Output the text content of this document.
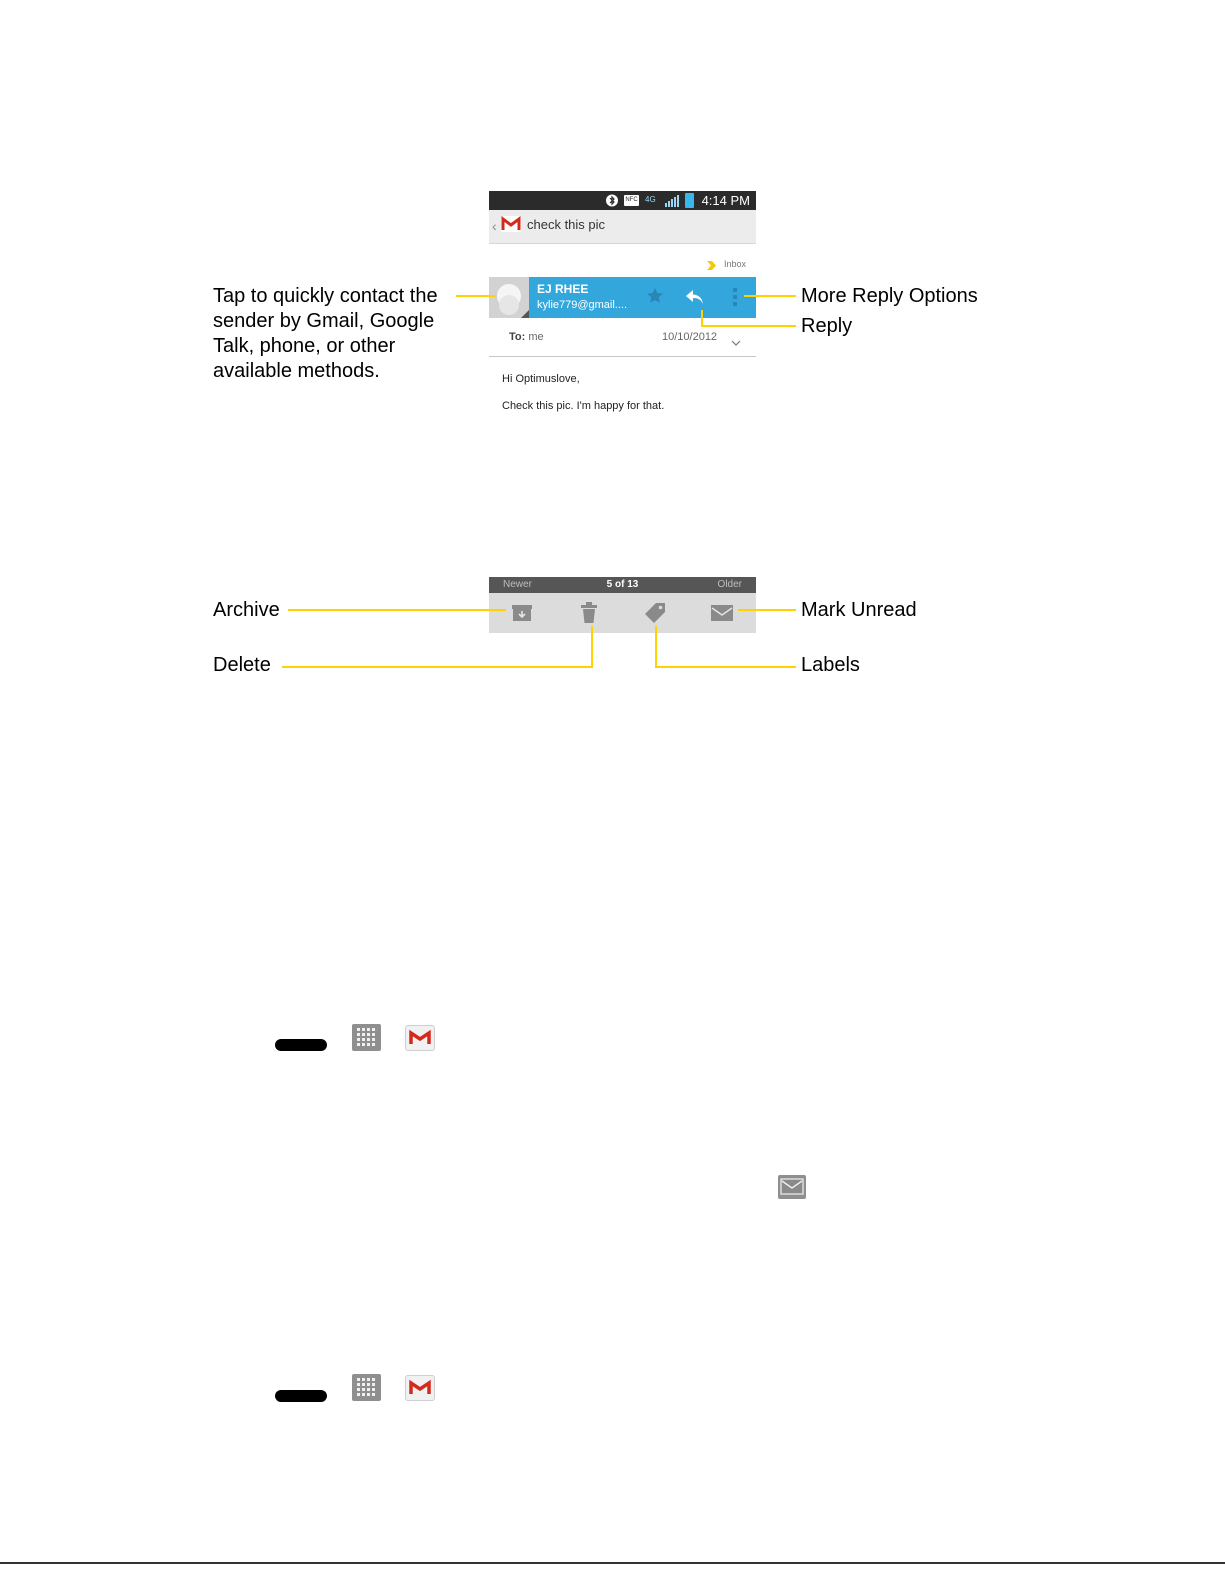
NFC 4G	4:14 PM
‹ check this pic
Inbox
EJ RHEE
kylie779@gmail....
To: me	10/10/2012
Hi Optimuslove,
Check this pic. I'm happy for that.
Tap to quickly contact the
sender by Gmail, Google
Talk, phone, or other
available methods.
More Reply Options
Reply
Newer	5 of 13	Older
Archive	Mark Unread
Delete	Labels
